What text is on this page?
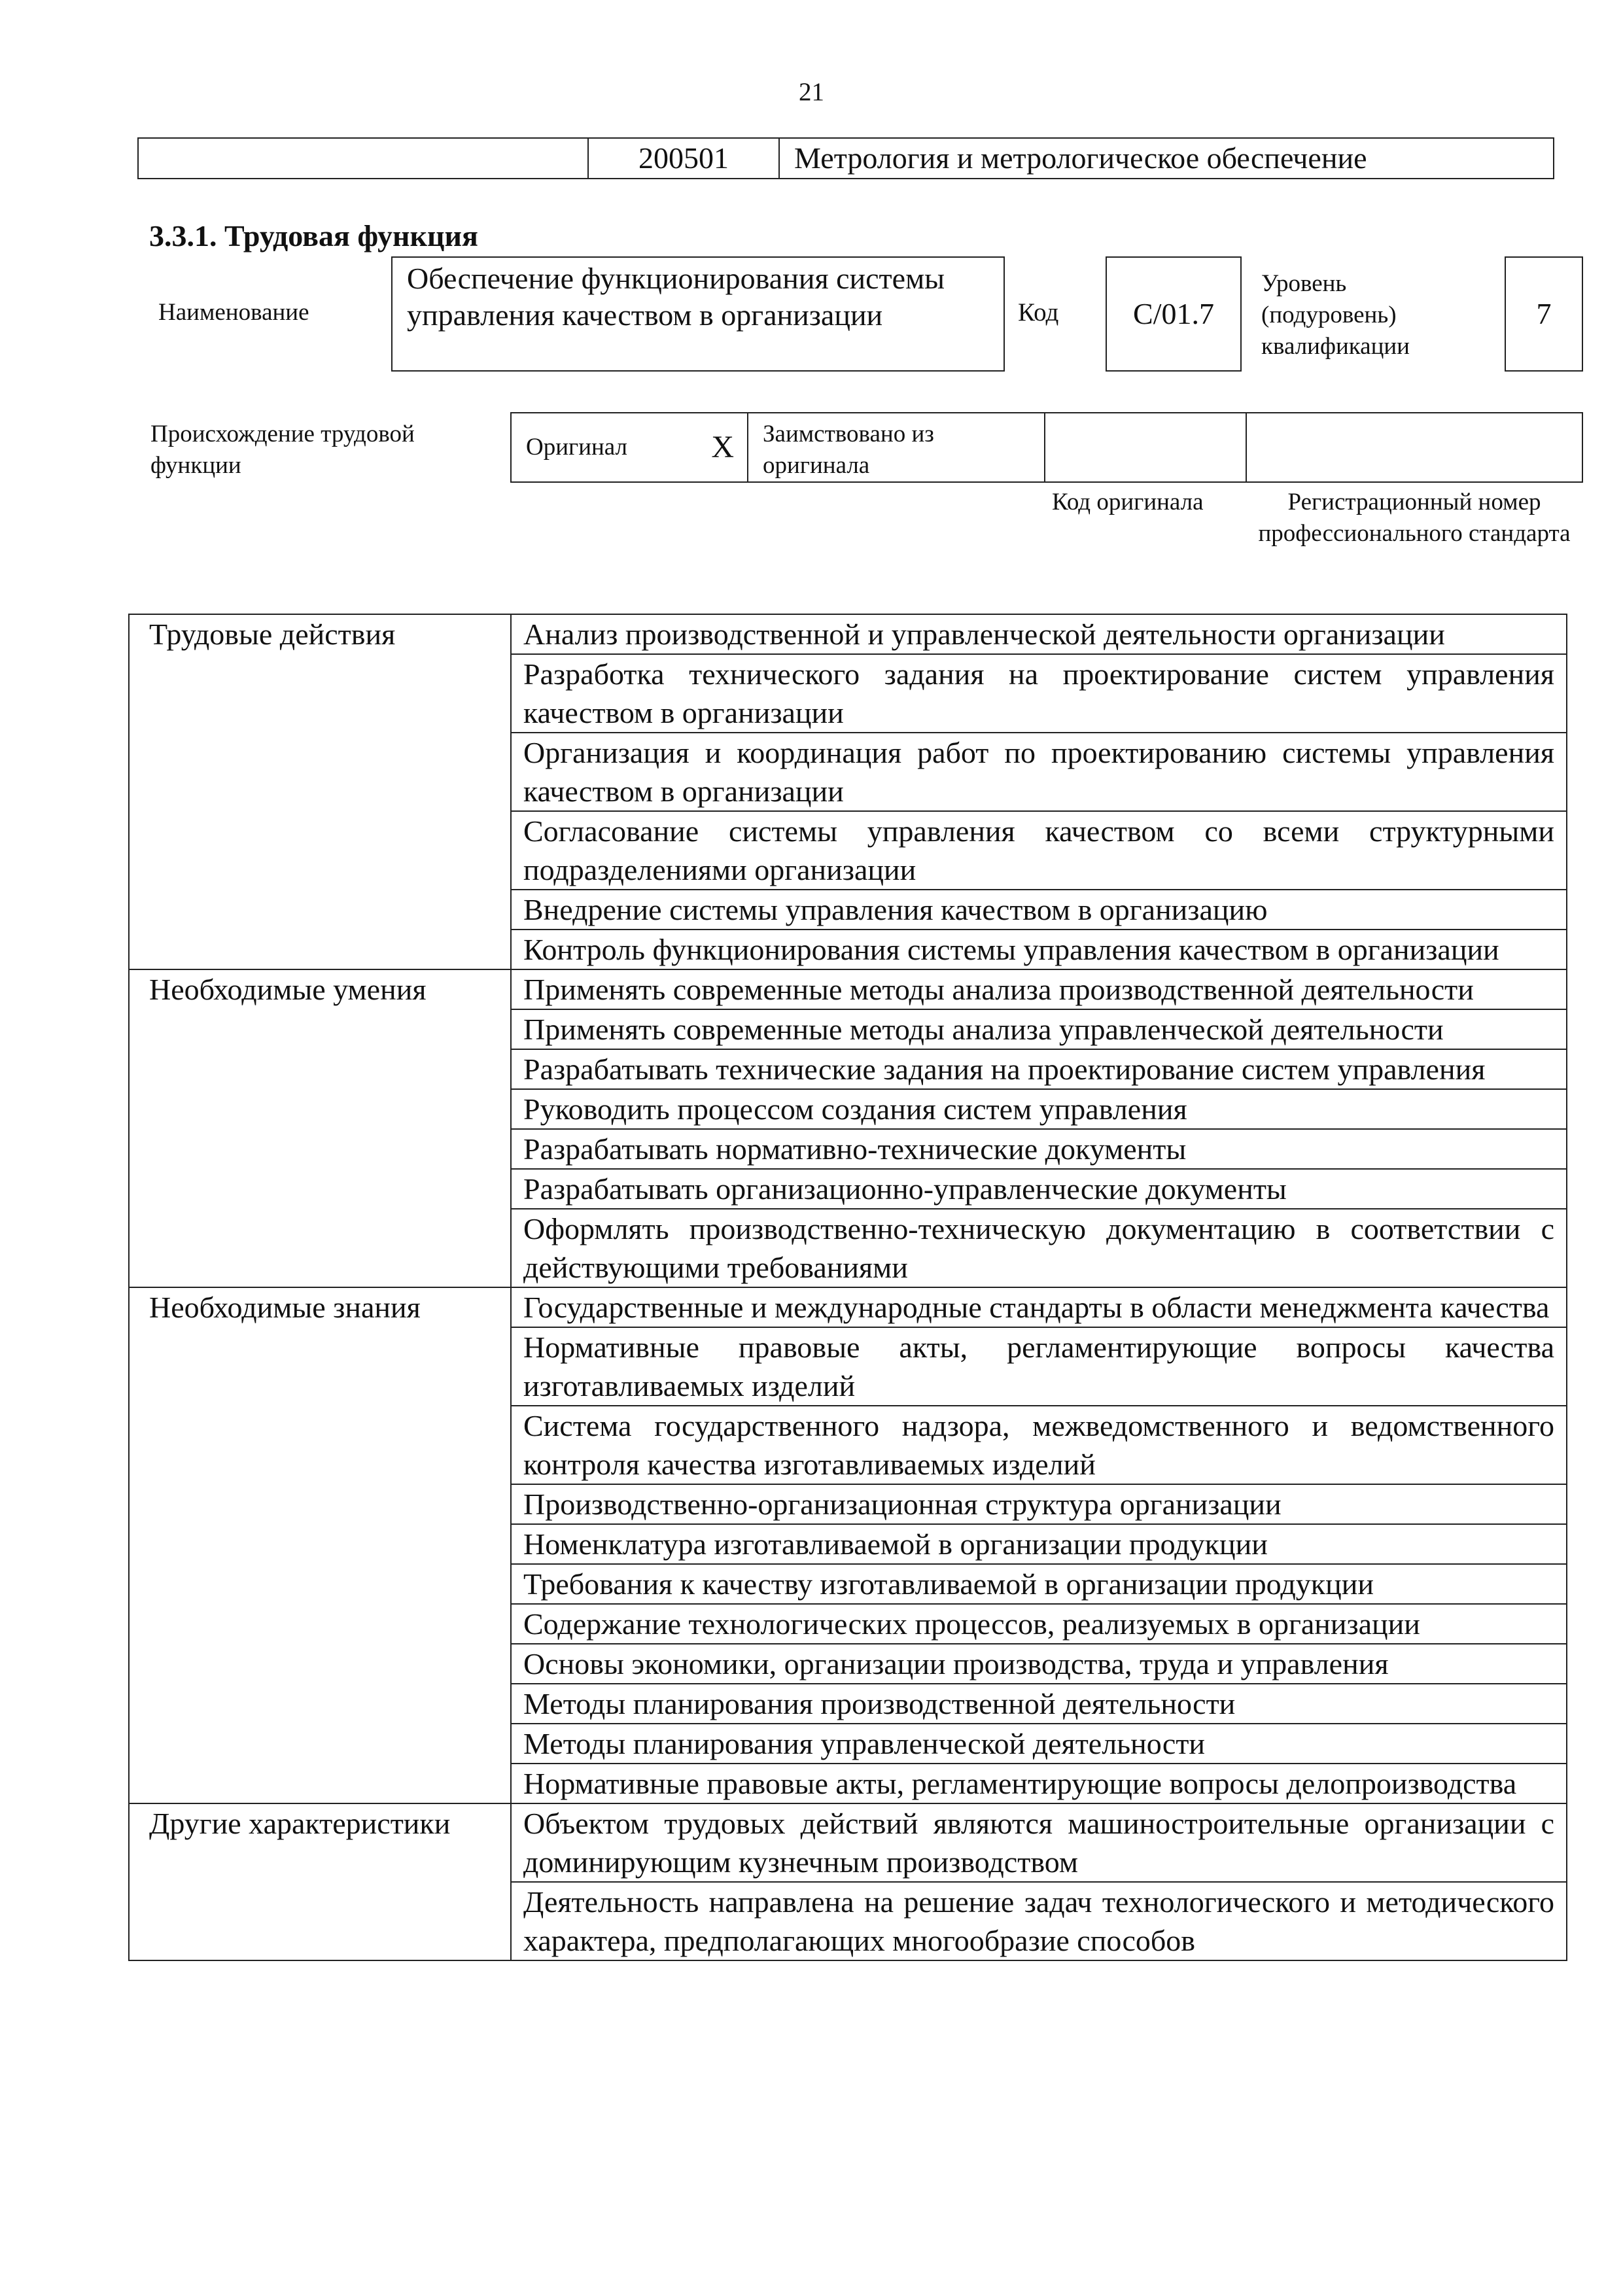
21
200501	Метрология и метрологическое обеспечение
3.3.1. Трудовая функция
Наименование
Обеспечение функционирования системы управления качеством в организации	Код	C/01.7
Уровень (подуровень) квалификации
7
Происхождение трудовой функции
Оригинал	X	Заимствовано из оригинала
Код оригинала	Регистрационный номер профессионального стандарта
Трудовые действия	Анализ производственной и управленческой деятельности организации
	Разработка технического задания на проектирование систем управления качеством в организации
	Организация и координация работ по проектированию системы управления качеством в организации
	Согласование системы управления качеством со всеми структурными подразделениями организации
	Внедрение системы управления качеством в организацию
	Контроль функционирования системы управления качеством в организации
Необходимые умения	Применять современные методы анализа производственной деятельности
	Применять современные методы анализа управленческой деятельности
	Разрабатывать технические задания на проектирование систем управления
	Руководить процессом создания систем управления
	Разрабатывать нормативно-технические документы
	Разрабатывать организационно-управленческие документы
	Оформлять производственно-техническую документацию в соответствии с действующими требованиями
Необходимые знания	Государственные и международные стандарты в области менеджмента качества
	Нормативные правовые акты, регламентирующие вопросы качества изготавливаемых изделий
	Система государственного надзора, межведомственного и ведомственного контроля качества изготавливаемых изделий
	Производственно-организационная структура организации
	Номенклатура изготавливаемой в организации продукции
	Требования к качеству изготавливаемой в организации продукции
	Содержание технологических процессов, реализуемых в организации
	Основы экономики, организации производства, труда и управления
	Методы планирования производственной деятельности
	Методы планирования управленческой деятельности
	Нормативные правовые акты, регламентирующие вопросы делопроизводства
Другие характеристики	Объектом трудовых действий являются машиностроительные организации с доминирующим кузнечным производством
	Деятельность направлена на решение задач технологического и методического характера, предполагающих многообразие способов
